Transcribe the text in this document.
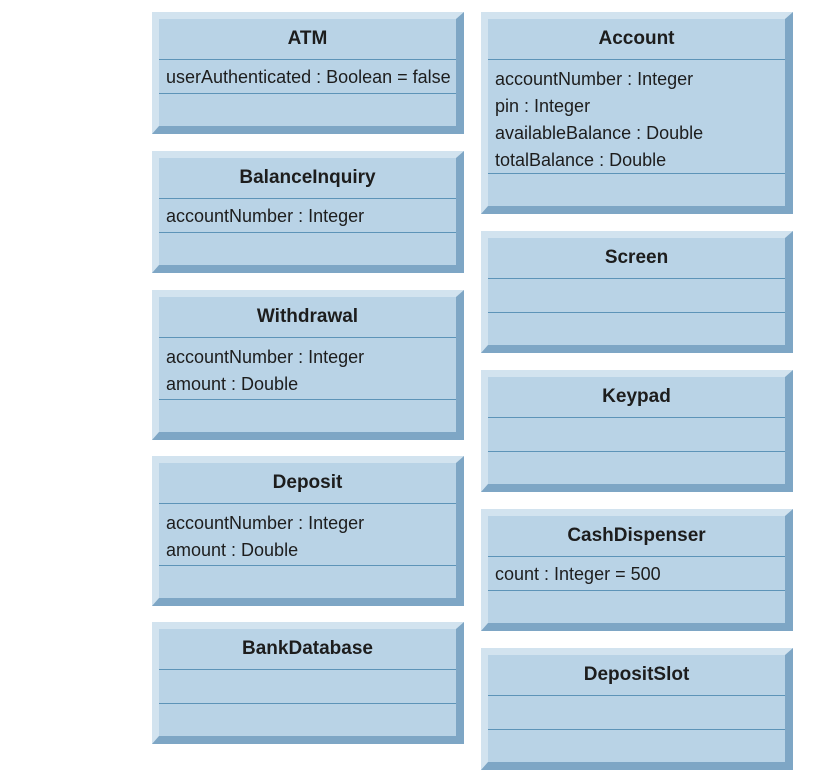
ATM
userAuthenticated : Boolean = false
Account
accountNumber : Integer
pin : Integer
availableBalance : Double
totalBalance : Double
BalanceInquiry
accountNumber : Integer
Screen
Withdrawal
accountNumber : Integer
amount : Double
Keypad
Deposit
accountNumber : Integer
amount : Double
CashDispenser
count : Integer = 500
BankDatabase
DepositSlot
